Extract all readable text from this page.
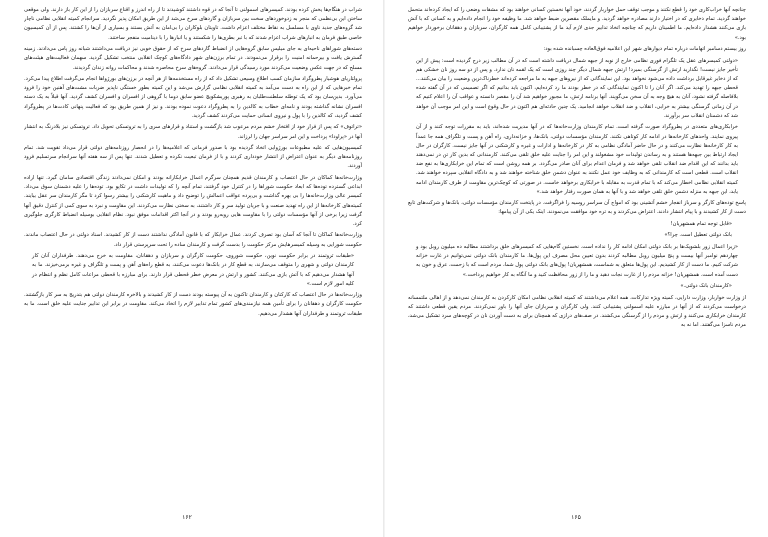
شراب در هنگام‌ها یخش کرده بودند. کمیسرهای اسمولنی تا آنجا که در قوه داشتند کوشیدند تا از راه اندرز و اقناع سربازان را از این کار باز دارند. ولی موقعی ساختن این بی‌نظمی که منجر به زدوخوردهای سخت بین سربازان و گارد‌های سرخ می‌شد از این طریق امکان پذیر نگردید. سرانجام کمیته انقلابی نظامی ناچار شد گروه‌های جدید ناوی با مسلسل به نقاط مختلف اعزام داشت. تاویتان بلوکار‌ان را بی‌امان به آتش بستند و بسیاری از آن‌ها را کشتند. پس از آن کمیسیون خاصی طبق فرمان به انبارهای شراب اعزام شدند که با تبر بطری‌ها را شکستند و یا انبارها را با دینامیت منفجر ساختند.

دسته‌های شوراهای ناحیه‌ای به جای میلیس سابق گروه‌هایی از انضباط گارد‌های سرخ که از حقوق خوبی نیز دریافت می‌داشتند شبانه روز پاس می‌دادند. زمینه گسترش یافت و بیرحمانه امنیت را برقرار می‌نمودند. در تمام برزن‌های شهر دادگاه‌های کوچک انقلابی منتخب تشکیل گردید. سهمان فعالیت‌های هیئت‌های مسلح که در جهت عکس وضعیت می‌کردند مورد رسیدگی قرار می‌دادند. گروه‌های سرخ محاصره شدند و محاکمات روانه زندان گردیدند.

پرولتاریای هوشیار پطروگراد سازمان کسب اطلاع وسیعی تشکیل داد که از راه مستخدمه‌ها از هر آنچه در برزن‌های بورژوا‌ها انجام می‌گرفت اطلاع پیدا می‌کرد. تمام خبرهایی که از این راه به دست می‌آمد به کمیته انقلابی نظامی گزارش می‌شد و این کمیته بطور خستگی ناپذیر ضربات مشت‌های آهنین خود را فرود می‌آورد. بدین‌سان بود که یک توطئه سلطنت‌طلبان به رهبری پوریشکویچ عضو سابق دوما با گروهی از افسران و افسران کشف گردید. آنها قبلاً به یک دسته افسران نشانه گذاشته بودند و نامه‌ای خطاب به کالدین را به پطروگراد دعوت نموده بودند. و نیز از همین طریق بود که فعالیت پنهانی کادت‌ها در پطروگراد کشف گردید، که کالدین را با پول و نیروی انسانی حمایت می‌کردند کشف گردید.

«تراتوف» که پس از فرار خود از افتخار خشم مردم مرعوب شد بازگشت و استناد و قرارهای سری را به تروتسکی تحویل داد. تروتسکی نیز بلادرنگ به انتشار آنها در «پراودا» پرداخت و این امر سراسر جهان را لرزاند.

کمیسیون‌هایی که علیه مطبوعات بورژوایی اتخاذ گردیده بود با صدور فرمانی که اعلامیه‌ها را در انحصار روزنامه‌های دولتی قرار می‌داد تقویت شد. تمام روزنامه‌های دیگر به عنوان اعتراض از انتشار خودداری کردند و با از فرمان تبعیت نکرده و تعطیل شدند. تنها پس از سه هفته آنها سرانجام سرتسلیم فرود آوردند.

وزارت‌خانه‌ها کماکان در حال اعتصاب و کارمندان قدیم همچنان سرگرم اعمال خرابکارانه بودند و امکان نمی‌دادند زندگی اقتصادی سامان گیرد. تنها اراده ابداعی گسترده توده‌ها که ابعاد حکومت شوراها را در کنترل خود گرفتند، تمام آنچه را که تولیدات داشت در تکاپو بود. توده‌ها را علیه دشمنان سوق می‌داد. کمیسر عالی وزارت‌خانه‌ها را بی بهره گذاشت و بی‌پرده عواقب اعمالش را توضیح داد و ماهیت کارشکنی را بیشتر رسوا کرد تا مگر کارمندان سر عقل بیایند. کمیته‌های کارخانه‌ها از این راه تهدید صنعت و با جریان تولید سر و کار داشتند، به سختی نظارت می‌کردند. این مقاومت و نبرد به سوی کمی از کنترل دقیق آنها گرفت زیرا برخی از آنها مؤسسات دولتی را با مقاومت هایی روبه‌رو بودند و در آنجا اکثر اقدامات موفق نبود. نظام انقلابی بوسیله انضباط کارگری جلوگیری کرد.

وزارت‌خانه‌ها کماکان تا آنجا که آسان بود تصرف کردند. عمال خرابکار که با قانون آمادگی نداشتند دست از کار کشیدند. اسناد دولتی در حال اعتصاب ماندند. حکومت شورایی به وسیله کمیسرهایش مرکز حکومت را بدست گرفت و کارمندان ساده را تحت سرپرستی قرار داد.

«طبقات ثروتمند در برابر حکومت نوین، حکومت شوروی، حکومت کارگران و سربازان و دهقانان، مقاومت به خرج می‌دهند. طرفداران آنان کار کارمندان دولتی و شهری را متوقف می‌سازند، به قطع کار در بانک‌ها دعوت می‌کنند، به قطع راه‌های آهن و پست و تلگراف و غیره برمی‌خیزند. ما به آنها هشدار می‌دهیم که با آتش بازی می‌کنند. کشور و ارتش در معرض خطر قحطی قرار دارند. برای مبارزه با قحطی مراعات کامل نظم و انتظام در کلیه امور لازم است.»

وزارت‌خانه‌ها در حال اعتصاب که کارکنان و کارمندان تاکنون به آن پیوسته بودند دست از کار کشیدند و بالاخره کارمندان دولتی هم بتدریج به سر کار بازگشتند. حکومت کارگران و دهقانان را برای تأمین همه نیازمندی‌های کشور تمام تدابیر لازم را اتخاذ می‌کند. مقاومت در برابر این تدابیر جنایت علیه خلق است. ما به طبقات ثروتمند و طرفداران آنها هشدار می‌دهیم.

۱۶۲

چنانچه آنها خراب‌کاری خود را قطع نکنند و موجب توقف حمل خواربار گردند، خود آنها نخستین کسانی خواهند بود که مشقات وضعی را که ایجاد کرده‌اند متحمل خواهند گردید. تمام ذخایری که در اختیار دارند مصادره خواهد گردید. و مایملک مقصرین ضبط خواهد شد. ما وظیفه خود را انجام داده‌ایم و به کسانی که با آتش بازی می‌کنند هشدار داده‌ایم. ما اطمینان داریم که چنانچه اتخاذ تدابیر جدی لازم آید ما از پشتیبانی کامل همه کارگران، سربازان و دهقانان برخوردار خواهیم بود.»

روز بیستم دسامبر اتهامات درباره تمام دیوارهای شهر این اعلامیه فوق‌العاده چسبانده شده بود:

«دولتی کمیسرهای عقل یک تلگرام فوری نظامی خارج از نوبه از جبهه شمال دریافت داشته است که در آن مطالب زیر درج گردیده است: پیش از این تأخیر جایز نیست! نگذارید ارتش از گرسنگی بمیرد! ارتش جبهه شمال دیگر چند روزی است که یک لقمه نان ندارد. و پس از دو سه روز نان خشکی هم که از ذخایر غیرقابل برداشت داده می‌شود نخواهد بود. این نمایندگانی که از نیروهای جبهه به ما مراجعه کرده‌اند خطرناک‌ترین وضعیت را بیان می‌کنند... قحطی جبهه را تهدید می‌کند. اگر آنان را تا اکنون نمایندگانی که در خطر بودند ما رد کرده‌ایم، اکنون باید بدانیم که اگر تصمیمی که در آن گفته شده بلافاصله گرفته نشود، آنان به هیچ وجه به آن سخن می‌گویند. آنها برنامه ارتش، ما مجبور خواهیم شد آن را مقصر دانسته و عواقب آن را اعلام کنیم که در آن زمانی گرسنگی بیشتر به خرابی، انقلاب و ضد انقلاب خواهد انجامید. یک چنین حادثه‌ای هم اکنون در حال وقوع است و این امر موجب آن خواهد شد که دشمنان انقلاب سر برآورند.

خرابکاری‌های متعددی در پطروگراد صورت گرفته است. تمام کارمندان وزارت‌خانه‌ها که در آنها مدیریت شده‌اند، باید به مقررات توجه کنند و از آن پیروی نمایند. واحدهای کارخانه‌ها در ادامه کار کوتاهی نکنند. کارمندان مؤسسات دولتی، بانک‌ها، و خزانه‌داری، راه آهن و پست و تلگراف همه جا عمداً به کار کارخانه‌ها نظارت می‌کنند و در حال حاضر آمادگی نظامی به کار در کارخانه‌ها و ادارات و غیره و کارشکنی در آنها جایز نیست. کارگران در حال ایجاد ارتباط بین جبهه‌ها هستند و به رساندن تولیدات خود مشغولند و این امر را جنایت علیه خلق تلقی می‌کنند. کارمندانی که بدین کار تن در نمی‌دهند باید بدانند که این اقدام ضد انقلاب تلقی خواهد شد و فرمان اعدام برای آنان صادر می‌گردد. بر همه روشن است که تمام این خرابکاری‌ها به نفع ضد انقلاب است. قطعی است که کارمندانی که به وظایف خود عمل نکنند به عنوان دشمن خلق شناخته خواهند شد و به دادگاه انقلابی سپرده خواهند شد. کمیته انقلابی نظامی اخطار می‌کند که با تمام قدرت به مقابله با خرابکاری برخواهد خاست. در صورتی که کوچک‌ترین مقاومت از طرف کارمندان ادامه یابد، این جبهه به منزله دشمن خلق تلقی خواهد شد و با آنها به همان صورت رفتار خواهد شد.»

پاسخ توده‌های کارگر و سرباز انفجار خشم آتشینی بود که امواج آن سراسر روسیه را فراگرفت. در پایتخت کارمندان مؤسسات دولتی، بانک‌ها و شرکت‌های تابع دست از کار کشیدند و با پیام انتشار دادند. اعتراض می‌کردند و به تره خود موافقت می‌نمودند. اینک یکی از آن پیامها:

«قابل توجه تمام همشهریان!

بانک دولتی تعطیل است. چرا؟»

«زیرا اعمال زور بلشویک‌ها بر بانک دولتی امکان ادامه کار را نداده است. نخستین گام‌هایی که کمیسرهای خلق برداشتند مطالبه ده میلیون روبل بود و چهاردهم نوامبر آنها بیست و پنج میلیون روبل مطالبه کردند بدون تعیین محل مصرف این پول‌ها. ما کارمندان بانک دولتی نمی‌توانیم در غارت خزانه شرکت کنیم. ما دست از کار کشیدیم. این پول‌ها متعلق به شماست، همشهریان! پول‌های بانک دولتی پول شما، مردم است که با زحمت، عرق و خون به دست آمده است. همشهریان! خزانه مردم را از غارت نجات دهید و ما را از زور محافظت کنید و ما آنگاه به کار خواهیم پرداخت.»

«کارمندان بانک دولتی.»

از وزارت خواربار، وزارت دارایی، کمیته ویژه تدارکات، همه اعلام می‌داشتند که کمیته انقلابی نظامی امکان کارکردن به کارمندان نمی‌دهد و از اهالی ملتمسانه درخواست می‌کردند که از آنها در مبارزه علیه اسمولنی پشتیبانی کنند. ولی کارگران و سربازان جای آنها را باور نمی‌کردند. مردم یقین قطعی داشتند که کارمندان خرابکاری می‌کنند و ارتش و مردم را از گرسنگی می‌کشند. در صف‌های درازی که همچنان برای به دست آوردن نان در کوچه‌های سرد تشکیل می‌شد، مردم ناسزا می‌گفتند. اما نه به

۱۶۵
